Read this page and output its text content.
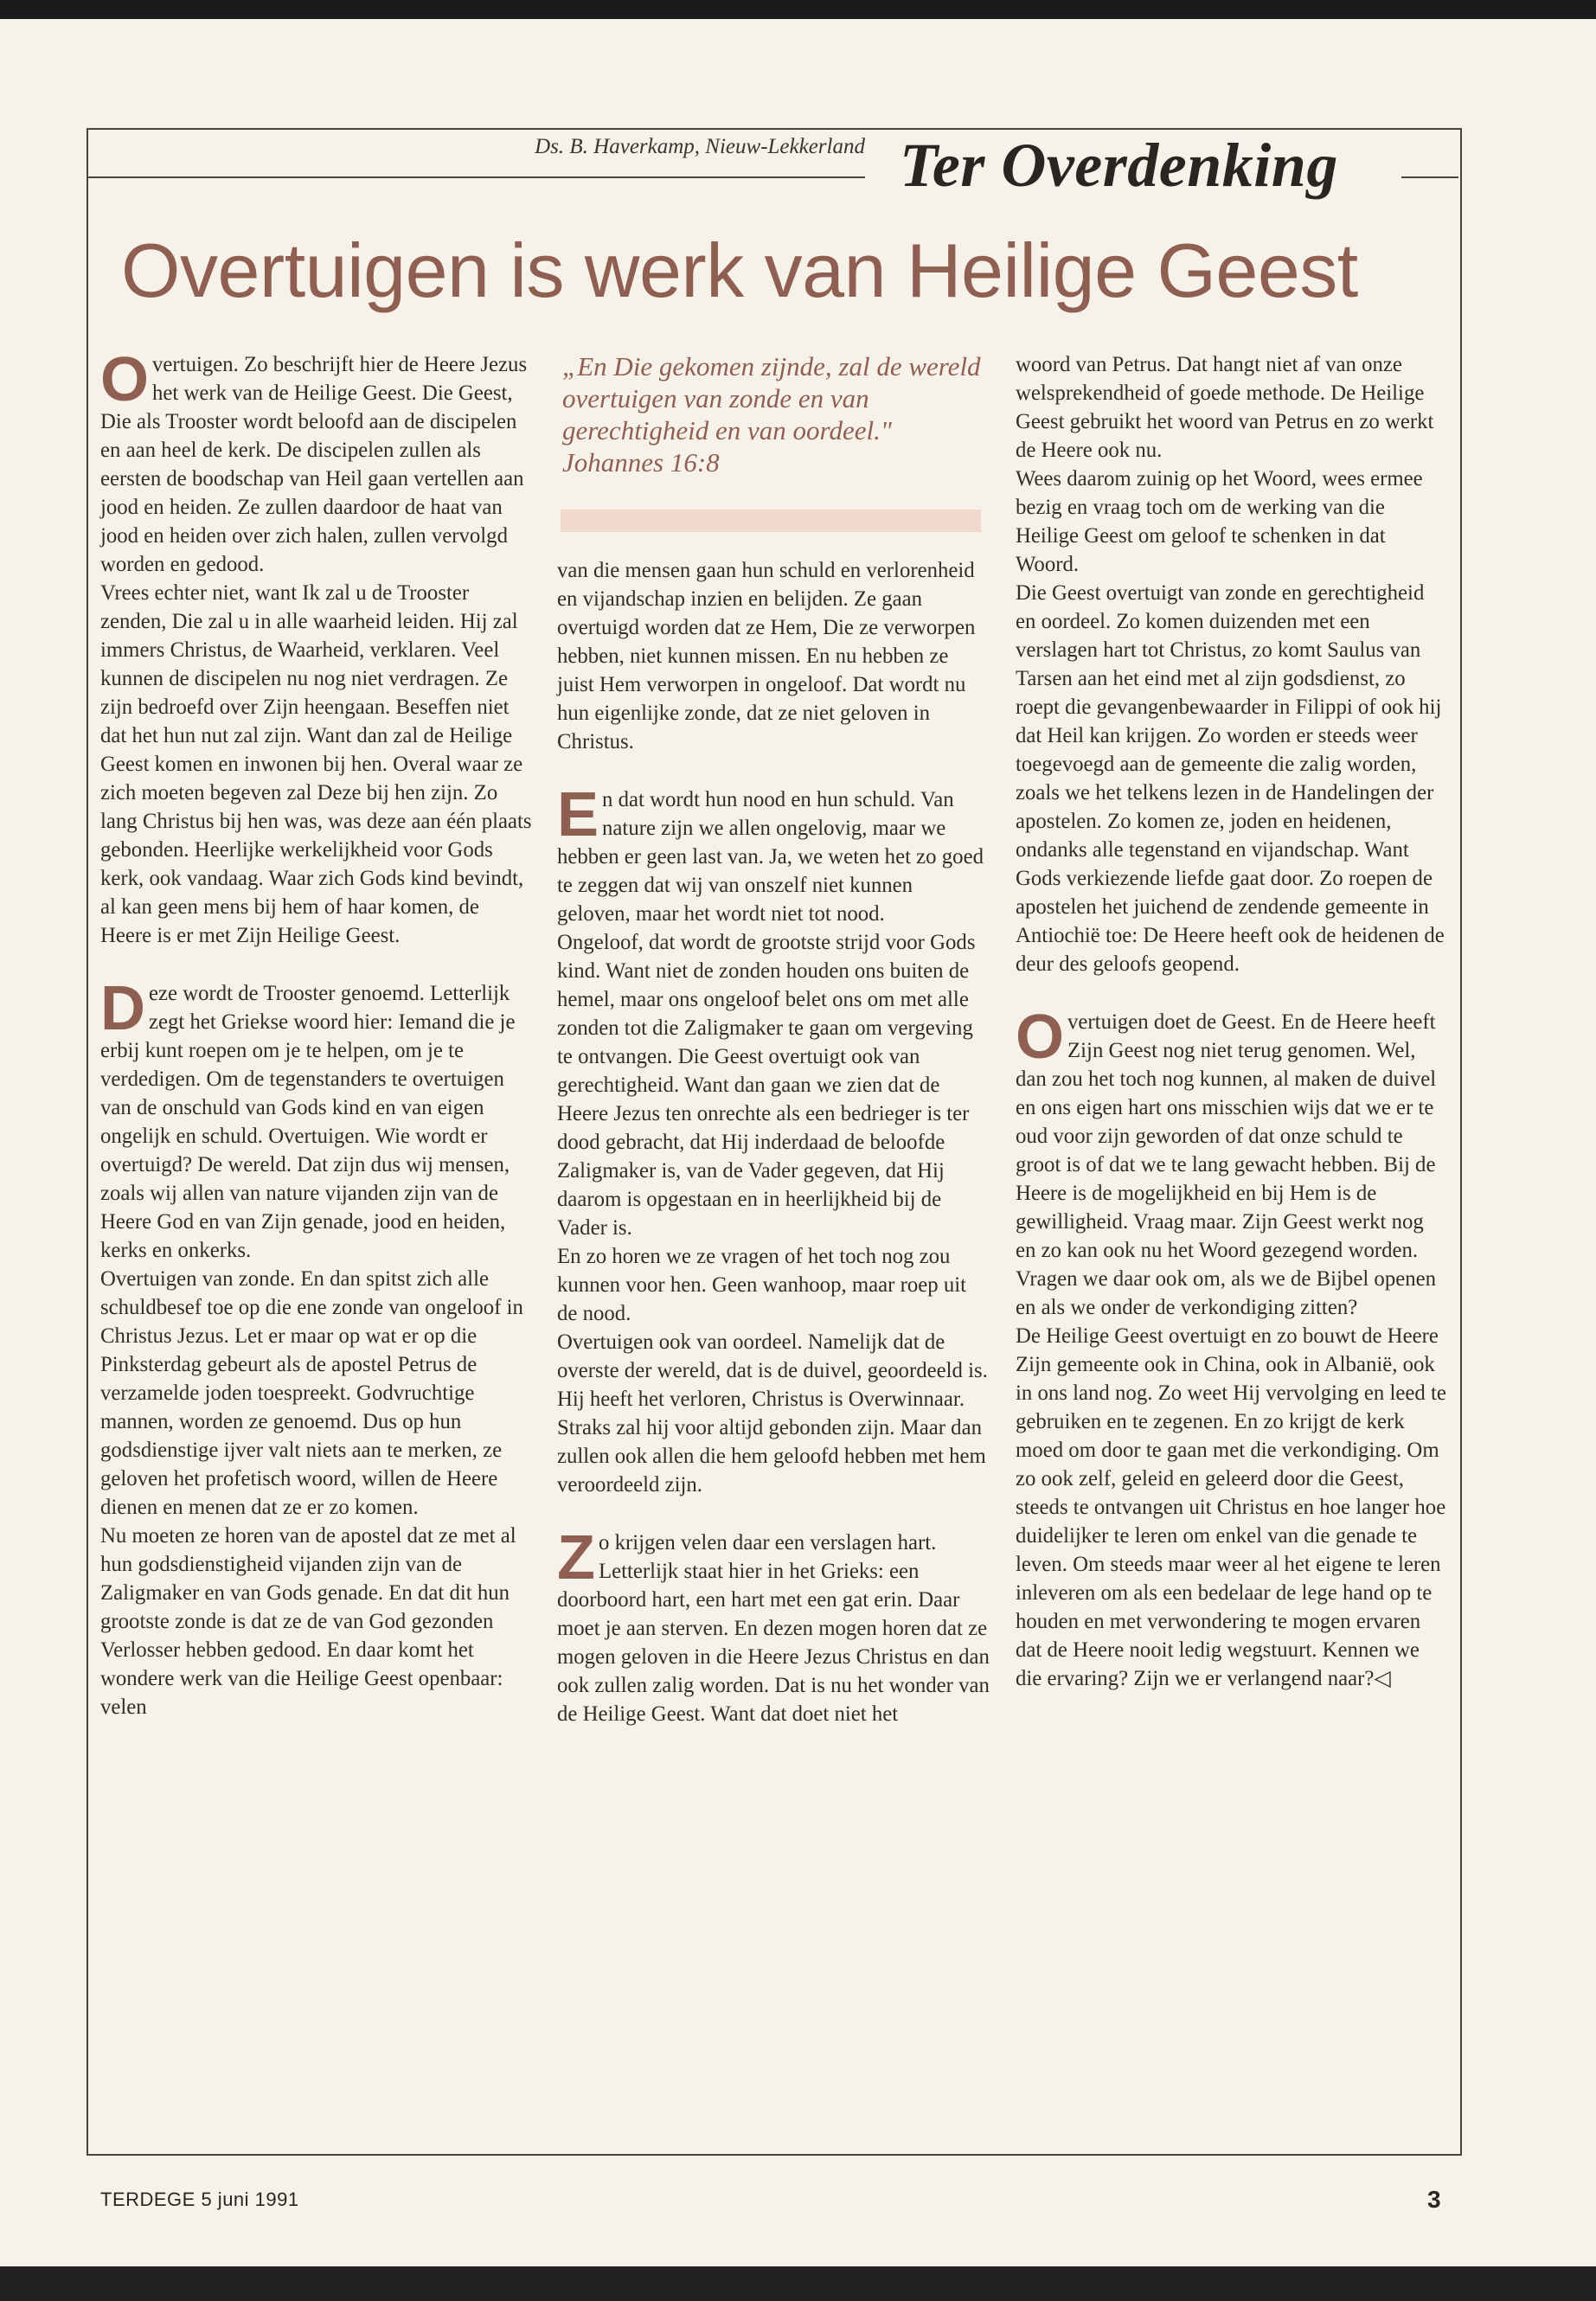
Ds. B. Haverkamp, Nieuw-Lekkerland Ter Overdenking
Overtuigen is werk van Heilige Geest

Overtuigen. Zo beschrijft hier de Heere Jezus het werk van de Heilige Geest. Die Geest, Die als Trooster wordt beloofd aan de discipelen en aan heel de kerk. De discipelen zullen als eersten de boodschap van Heil gaan vertellen aan jood en heiden. Ze zullen daardoor de haat van jood en heiden over zich halen, zullen vervolgd worden en gedood.

Vrees echter niet, want Ik zal u de Trooster zenden, Die zal u in alle waarheid leiden. Hij zal immers Christus, de Waarheid, verklaren. Veel kunnen de discipelen nu nog niet verdragen. Ze zijn bedroefd over Zijn heengaan. Beseffen niet dat het hun nut zal zijn. Want dan zal de Heilige Geest komen en inwonen bij hen. Overal waar ze zich moeten begeven zal Deze bij hen zijn. Zo lang Christus bij hen was, was deze aan één plaats gebonden. Heerlijke werkelijkheid voor Gods kerk, ook vandaag. Waar zich Gods kind bevindt, al kan geen mens bij hem of haar komen, de Heere is er met Zijn Heilige Geest.

Deze wordt de Trooster genoemd. Letterlijk zegt het Griekse woord hier: Iemand die je erbij kunt roepen om je te helpen, om je te verdedigen. Om de tegenstanders te overtuigen van de onschuld van Gods kind en van eigen ongelijk en schuld. Overtuigen. Wie wordt er overtuigd? De wereld. Dat zijn dus wij mensen, zoals wij allen van nature vijanden zijn van de Heere God en van Zijn genade, jood en heiden, kerks en onkerks.

Overtuigen van zonde. En dan spitst zich alle schuldbesef toe op die ene zonde van ongeloof in Christus Jezus. Let er maar op wat er op die Pinksterdag gebeurt als de apostel Petrus de verzamelde joden toespreekt. Godvruchtige mannen, worden ze genoemd. Dus op hun godsdienstige ijver valt niets aan te merken, ze geloven het profetisch woord, willen de Heere dienen en menen dat ze er zo komen.

Nu moeten ze horen van de apostel dat ze met al hun godsdienstigheid vijanden zijn van de Zaligmaker en van Gods genade. En dat dit hun grootste zonde is dat ze de van God gezonden Verlosser hebben gedood. En daar komt het wondere werk van die Heilige Geest openbaar: velen

„En Die gekomen zijnde, zal de wereld overtuigen van zonde en van gerechtigheid en van oordeel."
Johannes 16:8

van die mensen gaan hun schuld en verlorenheid en vijandschap inzien en belijden. Ze gaan overtuigd worden dat ze Hem, Die ze verworpen hebben, niet kunnen missen. En nu hebben ze juist Hem verworpen in ongeloof. Dat wordt nu hun eigenlijke zonde, dat ze niet geloven in Christus.

En dat wordt hun nood en hun schuld. Van nature zijn we allen ongelovig, maar we hebben er geen last van. Ja, we weten het zo goed te zeggen dat wij van onszelf niet kunnen geloven, maar het wordt niet tot nood.

Ongeloof, dat wordt de grootste strijd voor Gods kind. Want niet de zonden houden ons buiten de hemel, maar ons ongeloof belet ons om met alle zonden tot die Zaligmaker te gaan om vergeving te ontvangen. Die Geest overtuigt ook van gerechtigheid. Want dan gaan we zien dat de Heere Jezus ten onrechte als een bedrieger is ter dood gebracht, dat Hij inderdaad de beloofde Zaligmaker is, van de Vader gegeven, dat Hij daarom is opgestaan en in heerlijkheid bij de Vader is.

En zo horen we ze vragen of het toch nog zou kunnen voor hen. Geen wanhoop, maar roep uit de nood.

Overtuigen ook van oordeel. Namelijk dat de overste der wereld, dat is de duivel, geoordeeld is. Hij heeft het verloren, Christus is Overwinnaar. Straks zal hij voor altijd gebonden zijn. Maar dan zullen ook allen die hem geloofd hebben met hem veroordeeld zijn.

Zo krijgen velen daar een verslagen hart. Letterlijk staat hier in het Grieks: een doorboord hart, een hart met een gat erin. Daar moet je aan sterven. En dezen mogen horen dat ze mogen geloven in die Heere Jezus Christus en dan ook zullen zalig worden. Dat is nu het wonder van de Heilige Geest. Want dat doet niet het

woord van Petrus. Dat hangt niet af van onze welsprekendheid of goede methode. De Heilige Geest gebruikt het woord van Petrus en zo werkt de Heere ook nu.

Wees daarom zuinig op het Woord, wees ermee bezig en vraag toch om de werking van die Heilige Geest om geloof te schenken in dat Woord.

Die Geest overtuigt van zonde en gerechtigheid en oordeel. Zo komen duizenden met een verslagen hart tot Christus, zo komt Saulus van Tarsen aan het eind met al zijn godsdienst, zo roept die gevangenbewaarder in Filippi of ook hij dat Heil kan krijgen. Zo worden er steeds weer toegevoegd aan de gemeente die zalig worden, zoals we het telkens lezen in de Handelingen der apostelen. Zo komen ze, joden en heidenen, ondanks alle tegenstand en vijandschap. Want Gods verkiezende liefde gaat door. Zo roepen de apostelen het juichend de zendende gemeente in Antiochië toe: De Heere heeft ook de heidenen de deur des geloofs geopend.

Overtuigen doet de Geest. En de Heere heeft Zijn Geest nog niet terug genomen. Wel, dan zou het toch nog kunnen, al maken de duivel en ons eigen hart ons misschien wijs dat we er te oud voor zijn geworden of dat onze schuld te groot is of dat we te lang gewacht hebben. Bij de Heere is de mogelijkheid en bij Hem is de gewilligheid. Vraag maar. Zijn Geest werkt nog en zo kan ook nu het Woord gezegend worden. Vragen we daar ook om, als we de Bijbel openen en als we onder de verkondiging zitten?

De Heilige Geest overtuigt en zo bouwt de Heere Zijn gemeente ook in China, ook in Albanië, ook in ons land nog. Zo weet Hij vervolging en leed te gebruiken en te zegenen. En zo krijgt de kerk moed om door te gaan met die verkondiging. Om zo ook zelf, geleid en geleerd door die Geest, steeds te ontvangen uit Christus en hoe langer hoe duidelijker te leren om enkel van die genade te leven. Om steeds maar weer al het eigene te leren inleveren om als een bedelaar de lege hand op te houden en met verwondering te mogen ervaren dat de Heere nooit ledig wegstuurt. Kennen we die ervaring? Zijn we er verlangend naar?◁

TERDEGE 5 juni 1991	3
